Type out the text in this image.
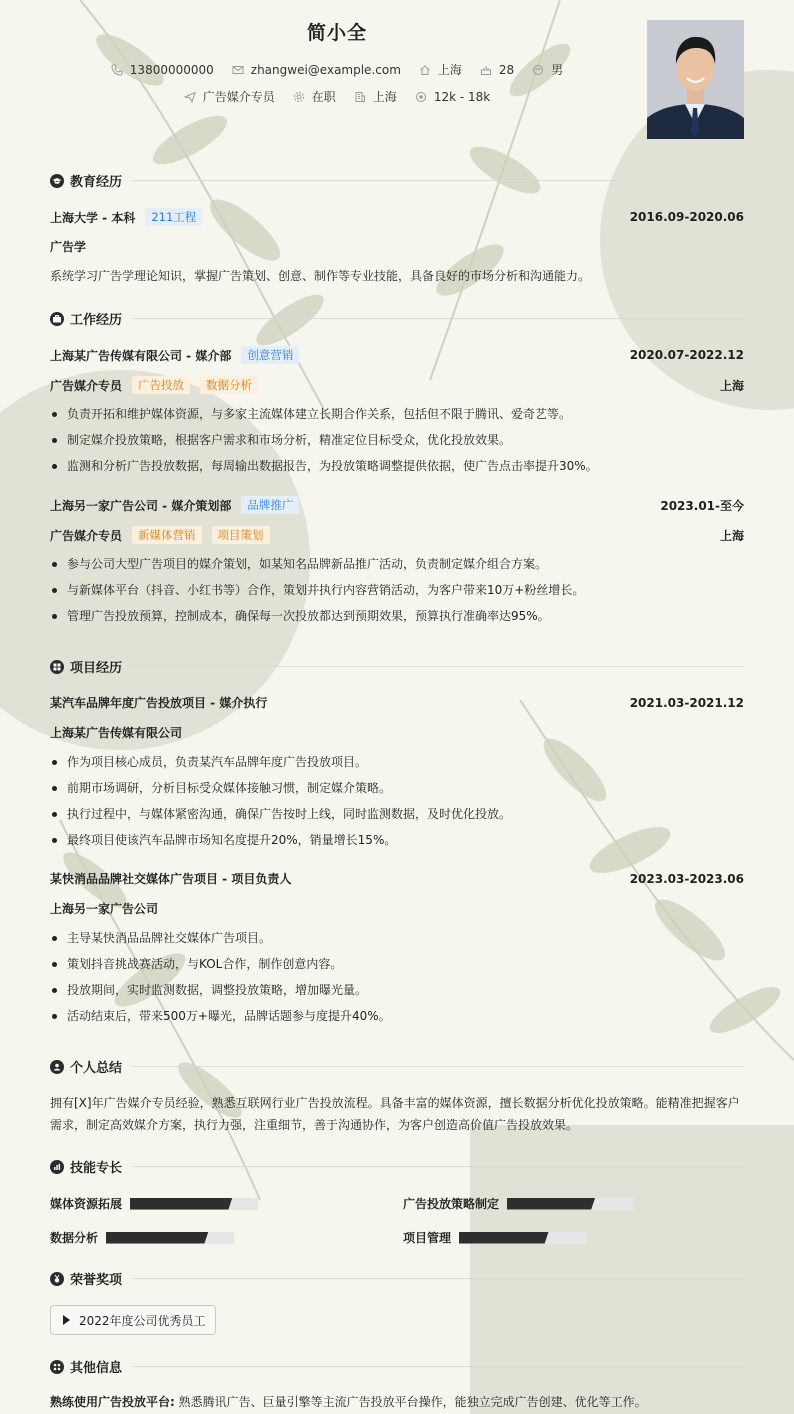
简小全
13800000000	zhangwei@example.com	上海	28	男
广告媒介专员	在职	上海	12k - 18k
教育经历
上海大学 - 本科	211工程	2016.09-2020.06
广告学
系统学习广告学理论知识，掌握广告策划、创意、制作等专业技能，具备良好的市场分析和沟通能力。
工作经历
上海某广告传媒有限公司 - 媒介部	创意营销	2020.07-2022.12
广告媒介专员	广告投放	数据分析	上海
负责开拓和维护媒体资源，与多家主流媒体建立长期合作关系，包括但不限于腾讯、爱奇艺等。
制定媒介投放策略，根据客户需求和市场分析，精准定位目标受众，优化投放效果。
监测和分析广告投放数据，每周输出数据报告，为投放策略调整提供依据，使广告点击率提升30%。
上海另一家广告公司 - 媒介策划部	品牌推广	2023.01-至今
广告媒介专员	新媒体营销	项目策划	上海
参与公司大型广告项目的媒介策划，如某知名品牌新品推广活动，负责制定媒介组合方案。
与新媒体平台（抖音、小红书等）合作，策划并执行内容营销活动，为客户带来10万+粉丝增长。
管理广告投放预算，控制成本，确保每一次投放都达到预期效果，预算执行准确率达95%。
项目经历
某汽车品牌年度广告投放项目 - 媒介执行	2021.03-2021.12
上海某广告传媒有限公司
作为项目核心成员，负责某汽车品牌年度广告投放项目。
前期市场调研，分析目标受众媒体接触习惯，制定媒介策略。
执行过程中，与媒体紧密沟通，确保广告按时上线，同时监测数据，及时优化投放。
最终项目使该汽车品牌市场知名度提升20%，销量增长15%。
某快消品品牌社交媒体广告项目 - 项目负责人	2023.03-2023.06
上海另一家广告公司
主导某快消品品牌社交媒体广告项目。
策划抖音挑战赛活动，与KOL合作，制作创意内容。
投放期间，实时监测数据，调整投放策略，增加曝光量。
活动结束后，带来500万+曝光，品牌话题参与度提升40%。
个人总结
拥有[X]年广告媒介专员经验，熟悉互联网行业广告投放流程。具备丰富的媒体资源，擅长数据分析优化投放策略。能精准把握客户
需求，制定高效媒介方案，执行力强，注重细节，善于沟通协作，为客户创造高价值广告投放效果。
技能专长
媒体资源拓展	广告投放策略制定
数据分析	项目管理
荣誉奖项
2022年度公司优秀员工
其他信息
熟练使用广告投放平台: 熟悉腾讯广告、巨量引擎等主流广告投放平台操作，能独立完成广告创建、优化等工作。
